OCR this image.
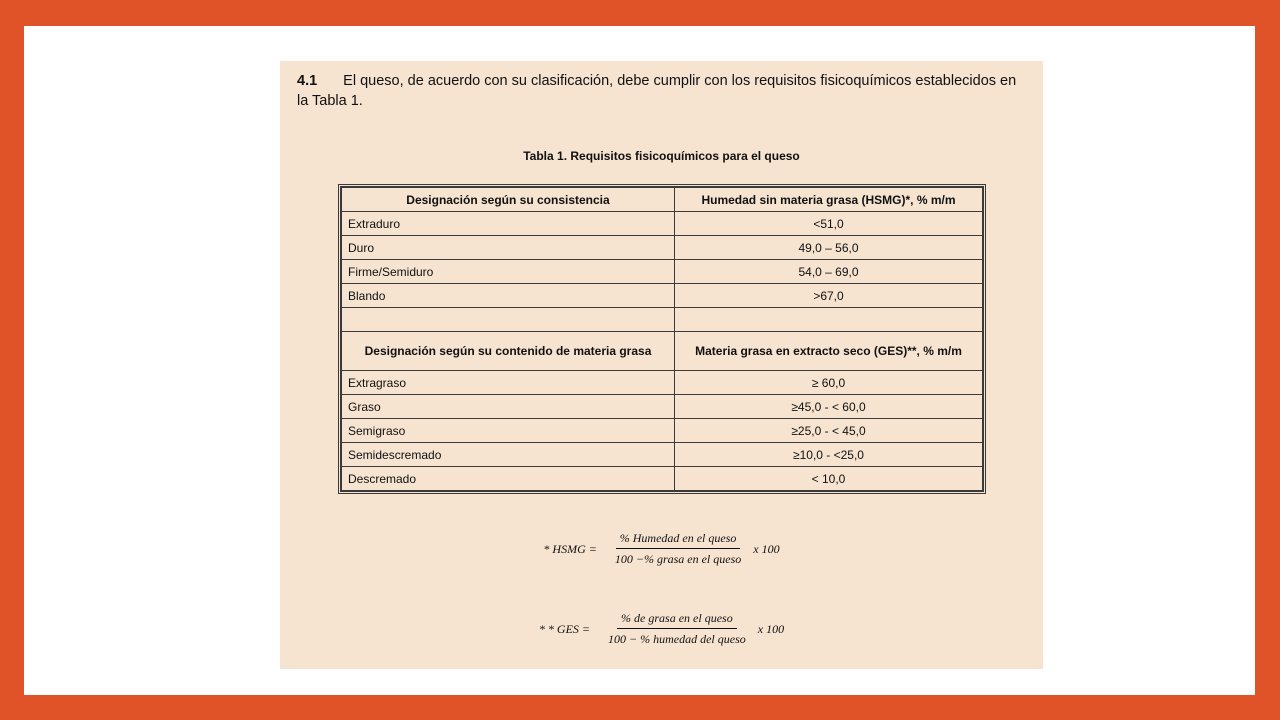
4.1 El queso, de acuerdo con su clasificación, debe cumplir con los requisitos fisicoquímicos establecidos en la Tabla 1.
Tabla 1. Requisitos fisicoquímicos para el queso
Designación según su consistencia	Humedad sin materia grasa (HSMG)*, % m/m
Extraduro	<51,0
Duro	49,0 – 56,0
Firme/Semiduro	54,0 – 69,0
Blando	>67,0

Designación según su contenido de materia grasa	Materia grasa en extracto seco (GES)**, % m/m
Extragraso	≥ 60,0
Graso	≥45,0 - < 60,0
Semigraso	≥25,0 - < 45,0
Semidescremado	≥10,0 - <25,0
Descremado	< 10,0
* HSMG = $\frac{\text{\% Humedad en el queso}}{\text{100 −\% grasa en el queso}}$ x 100
* * GES = $\frac{\text{\% de grasa en el queso}}{\text{100 − \% humedad del queso}}$ x 100
